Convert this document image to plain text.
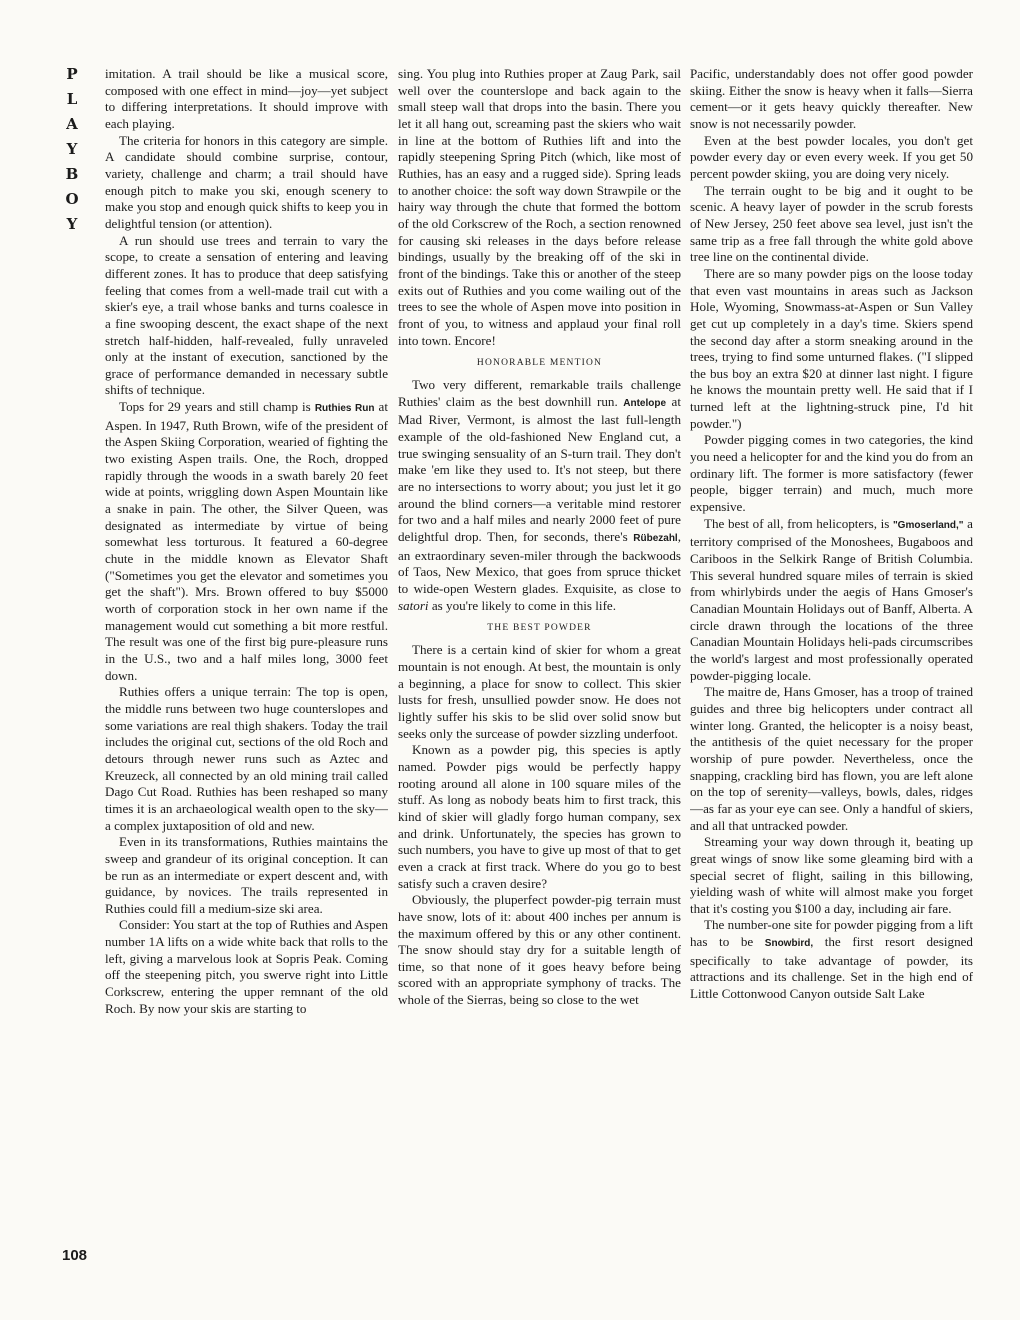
P
L
A
Y
B
O
Y
108

imitation. A trail should be like a musical score, composed with one effect in mind—joy—yet subject to differing interpretations. It should improve with each playing.

The criteria for honors in this category are simple. A candidate should combine surprise, contour, variety, challenge and charm; a trail should have enough pitch to make you ski, enough scenery to make you stop and enough quick shifts to keep you in delightful tension (or attention).

A run should use trees and terrain to vary the scope, to create a sensation of entering and leaving different zones. It has to produce that deep satisfying feeling that comes from a well-made trail cut with a skier's eye, a trail whose banks and turns coalesce in a fine swooping descent, the exact shape of the next stretch half-hidden, half-revealed, fully unraveled only at the instant of execution, sanctioned by the grace of performance demanded in necessary subtle shifts of technique.

Tops for 29 years and still champ is Ruthies Run at Aspen. In 1947, Ruth Brown, wife of the president of the Aspen Skiing Corporation, wearied of fighting the two existing Aspen trails. One, the Roch, dropped rapidly through the woods in a swath barely 20 feet wide at points, wriggling down Aspen Mountain like a snake in pain. The other, the Silver Queen, was designated as intermediate by virtue of being somewhat less torturous. It featured a 60-degree chute in the middle known as Elevator Shaft ("Sometimes you get the elevator and sometimes you get the shaft"). Mrs. Brown offered to buy $5000 worth of corporation stock in her own name if the management would cut something a bit more restful. The result was one of the first big pure-pleasure runs in the U.S., two and a half miles long, 3000 feet down.

Ruthies offers a unique terrain: The top is open, the middle runs between two huge counterslopes and some variations are real thigh shakers. Today the trail includes the original cut, sections of the old Roch and detours through newer runs such as Aztec and Kreuzeck, all connected by an old mining trail called Dago Cut Road. Ruthies has been reshaped so many times it is an archaeological wealth open to the sky—a complex juxtaposition of old and new.

Even in its transformations, Ruthies maintains the sweep and grandeur of its original conception. It can be run as an intermediate or expert descent and, with guidance, by novices. The trails represented in Ruthies could fill a medium-size ski area.

Consider: You start at the top of Ruthies and Aspen number 1A lifts on a wide white back that rolls to the left, giving a marvelous look at Sopris Peak. Coming off the steepening pitch, you swerve right into Little Corkscrew, entering the upper remnant of the old Roch. By now your skis are starting to

sing. You plug into Ruthies proper at Zaug Park, sail well over the counterslope and back again to the small steep wall that drops into the basin. There you let it all hang out, screaming past the skiers who wait in line at the bottom of Ruthies lift and into the rapidly steepening Spring Pitch (which, like most of Ruthies, has an easy and a rugged side). Spring leads to another choice: the soft way down Strawpile or the hairy way through the chute that formed the bottom of the old Corkscrew of the Roch, a section renowned for causing ski releases in the days before release bindings, usually by the breaking off of the ski in front of the bindings. Take this or another of the steep exits out of Ruthies and you come wailing out of the trees to see the whole of Aspen move into position in front of you, to witness and applaud your final roll into town. Encore!

HONORABLE MENTION

Two very different, remarkable trails challenge Ruthies' claim as the best downhill run. Antelope at Mad River, Vermont, is almost the last full-length example of the old-fashioned New England cut, a true swinging sensuality of an S-turn trail. They don't make 'em like they used to. It's not steep, but there are no intersections to worry about; you just let it go around the blind corners—a veritable mind restorer for two and a half miles and nearly 2000 feet of pure delightful drop. Then, for seconds, there's Rübezahl, an extraordinary seven-miler through the backwoods of Taos, New Mexico, that goes from spruce thicket to wide-open Western glades. Exquisite, as close to satori as you're likely to come in this life.

THE BEST POWDER

There is a certain kind of skier for whom a great mountain is not enough. At best, the mountain is only a beginning, a place for snow to collect. This skier lusts for fresh, unsullied powder snow. He does not lightly suffer his skis to be slid over solid snow but seeks only the surcease of powder sizzling underfoot.

Known as a powder pig, this species is aptly named. Powder pigs would be perfectly happy rooting around all alone in 100 square miles of the stuff. As long as nobody beats him to first track, this kind of skier will gladly forgo human company, sex and drink. Unfortunately, the species has grown to such numbers, you have to give up most of that to get even a crack at first track. Where do you go to best satisfy such a craven desire?

Obviously, the pluperfect powder-pig terrain must have snow, lots of it: about 400 inches per annum is the maximum offered by this or any other continent. The snow should stay dry for a suitable length of time, so that none of it goes heavy before being scored with an appropriate symphony of tracks. The whole of the Sierras, being so close to the wet

Pacific, understandably does not offer good powder skiing. Either the snow is heavy when it falls—Sierra cement—or it gets heavy quickly thereafter. New snow is not necessarily powder.

Even at the best powder locales, you don't get powder every day or even every week. If you get 50 percent powder skiing, you are doing very nicely.

The terrain ought to be big and it ought to be scenic. A heavy layer of powder in the scrub forests of New Jersey, 250 feet above sea level, just isn't the same trip as a free fall through the white gold above tree line on the continental divide.

There are so many powder pigs on the loose today that even vast mountains in areas such as Jackson Hole, Wyoming, Snowmass-at-Aspen or Sun Valley get cut up completely in a day's time. Skiers spend the second day after a storm sneaking around in the trees, trying to find some unturned flakes. ("I slipped the bus boy an extra $20 at dinner last night. I figure he knows the mountain pretty well. He said that if I turned left at the lightning-struck pine, I'd hit powder.")

Powder pigging comes in two categories, the kind you need a helicopter for and the kind you do from an ordinary lift. The former is more satisfactory (fewer people, bigger terrain) and much, much more expensive.

The best of all, from helicopters, is "Gmoserland," a territory comprised of the Monoshees, Bugaboos and Cariboos in the Selkirk Range of British Columbia. This several hundred square miles of terrain is skied from whirlybirds under the aegis of Hans Gmoser's Canadian Mountain Holidays out of Banff, Alberta. A circle drawn through the locations of the three Canadian Mountain Holidays heli-pads circumscribes the world's largest and most professionally operated powder-pigging locale.

The maitre de, Hans Gmoser, has a troop of trained guides and three big helicopters under contract all winter long. Granted, the helicopter is a noisy beast, the antithesis of the quiet necessary for the proper worship of pure powder. Nevertheless, once the snapping, crackling bird has flown, you are left alone on the top of serenity—valleys, bowls, dales, ridges—as far as your eye can see. Only a handful of skiers, and all that untracked powder.

Streaming your way down through it, beating up great wings of snow like some gleaming bird with a special secret of flight, sailing in this billowing, yielding wash of white will almost make you forget that it's costing you $100 a day, including air fare.

The number-one site for powder pigging from a lift has to be Snowbird, the first resort designed specifically to take advantage of powder, its attractions and its challenge. Set in the high end of Little Cottonwood Canyon outside Salt Lake
